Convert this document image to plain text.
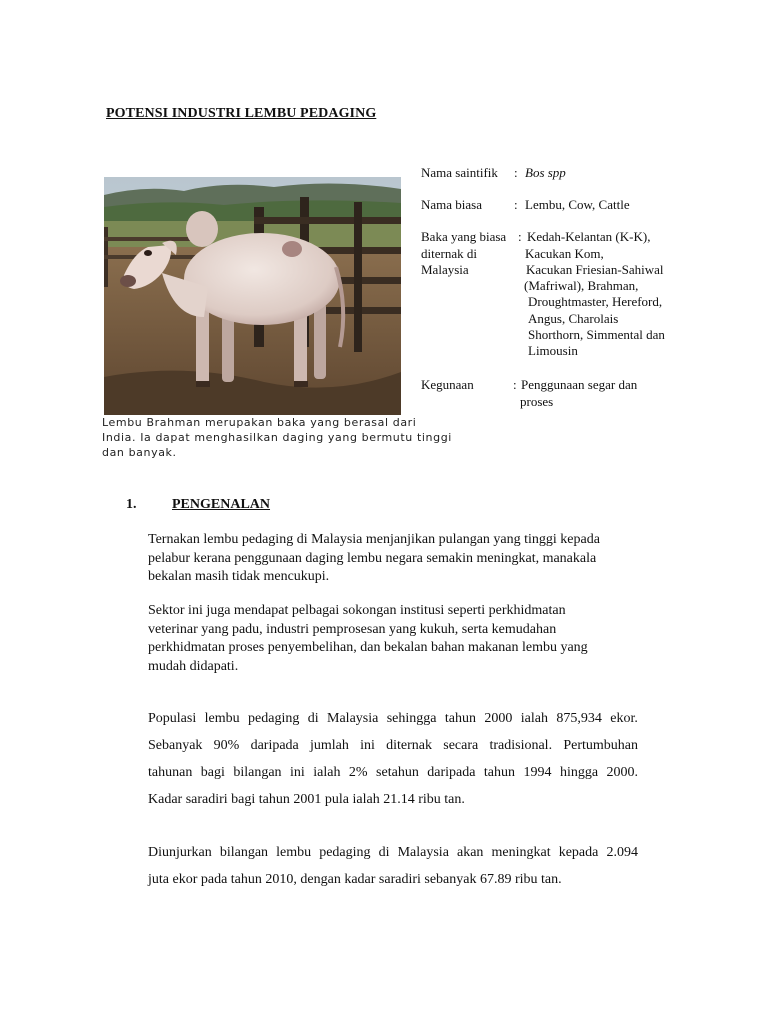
POTENSI INDUSTRI LEMBU PEDAGING
Lembu Brahman merupakan baka yang berasal dari
India. Ia dapat menghasilkan daging yang bermutu tinggi
dan banyak.
Nama saintifik : Bos spp
Nama biasa : Lembu, Cow, Cattle
Baka yang biasa
diternak di
Malaysia
: Kedah-Kelantan (K-K),
Kacukan Kom,
Kacukan Friesian-Sahiwal
(Mafriwal), Brahman,
Droughtmaster, Hereford,
Angus, Charolais
Shorthorn, Simmental dan
Limousin
Kegunaan	: Penggunaan segar dan
proses
1.	PENGENALAN
Ternakan lembu pedaging di Malaysia menjanjikan pulangan yang tinggi kepada
pelabur kerana penggunaan daging lembu negara semakin meningkat, manakala
bekalan masih tidak mencukupi.
Sektor ini juga mendapat pelbagai sokongan institusi seperti perkhidmatan
veterinar yang padu, industri pemprosesan yang kukuh, serta kemudahan
perkhidmatan proses penyembelihan, dan bekalan bahan makanan lembu yang
mudah didapati.
Populasi lembu pedaging di Malaysia sehingga tahun 2000 ialah 875,934 ekor.
Sebanyak 90% daripada jumlah ini diternak secara tradisional. Pertumbuhan
tahunan bagi bilangan ini ialah 2% setahun daripada tahun 1994 hingga 2000.
Kadar saradiri bagi tahun 2001 pula ialah 21.14 ribu tan.
Diunjurkan bilangan lembu pedaging di Malaysia akan meningkat kepada 2.094
juta ekor pada tahun 2010, dengan kadar saradiri sebanyak 67.89 ribu tan.
